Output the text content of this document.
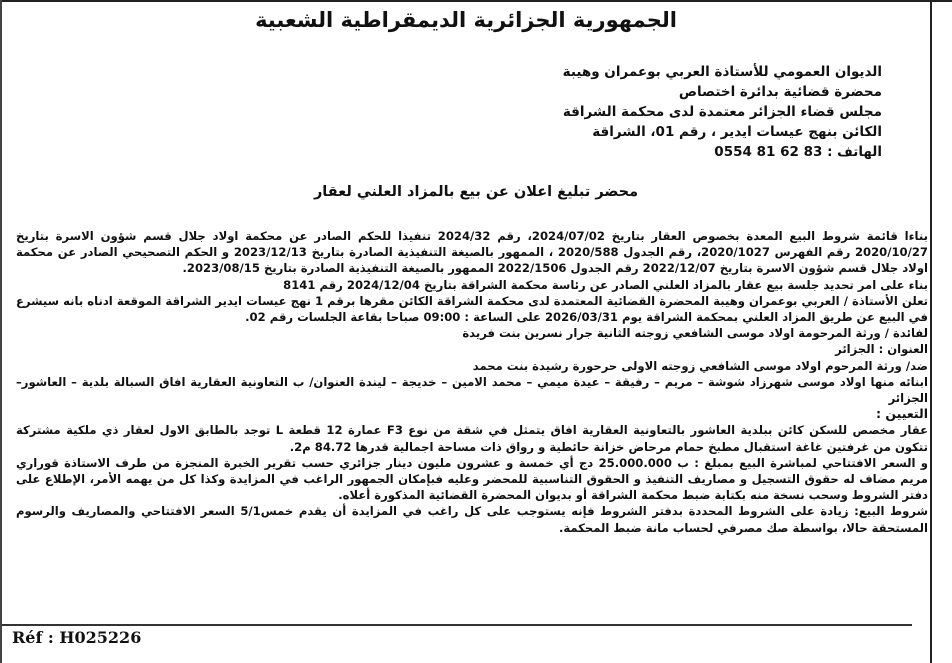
الجمهورية الجزائرية الديمقراطية الشعبية
الديوان العمومي للأستاذة العربي بوعمران وهيبة
محضرة قضائية بدائرة اختصاص
مجلس قضاء الجزائر معتمدة لدى محكمة الشراقة
الكائن بنهج عيسات ايدير ، رقم 01، الشراقة
الهاتف : 83 62 81 0554
محضر تبليغ اعلان عن بيع بالمزاد العلني لعقار

بناءا قائمة شروط البيع المعدة بخصوص العقار بتاريخ 2024/07/02، رقم 2024/32 تنفيذا للحكم الصادر عن محكمة اولاد جلال قسم شؤون الاسرة بتاريخ 2020/10/27 رقم الفهرس 2020/1027، رقم الجدول 2020/588 ، الممهور بالصيغة التنفيذية الصادرة بتاريخ 2023/12/13 و الحكم التصحيحي الصادر عن محكمة اولاد جلال قسم شؤون الاسرة بتاريخ 2022/12/07 رقم الجدول 2022/1506 الممهور بالصيغة التنفيذية الصادرة بتاريخ 2023/08/15.

بناء على امر تحديد جلسة بيع عقار بالمزاد العلني الصادر عن رئاسة محكمة الشراقة بتاريخ 2024/12/04 رقم 8141

تعلن الأستاذة / العربي بوعمران وهيبة المحضرة القضائية المعتمدة لدى محكمة الشراقة الكائن مقرها برقم 1 نهج عيسات ايدير الشراقة الموقعة ادناه بانه سيشرع في البيع عن طريق المزاد العلني بمحكمة الشراقة يوم 2026/03/31 على الساعة : 09:00 صباحا بقاعة الجلسات رقم 02.

لفائدة / ورثة المرحومة اولاد موسى الشافعي زوجته الثانية جرار نسرين بنت فريدة

العنوان : الجزائر

ضد/ ورثة المرحوم اولاد موسى الشافعي زوجته الاولى حرحورة رشيدة بنت محمد

ابنائه منها اولاد موسى شهرزاد شوشة – مريم – رفيقة – عيدة ميمي – محمد الامين – خديجة – ليندة العنوان/ ب التعاونية العقارية افاق السبالة بلدية – العاشور– الجزائر

التعيين :

عقار مخصص للسكن كائن ببلدية العاشور بالتعاونية العقارية افاق يتمثل في شقة من نوع F3 عمارة 12 قطعة L توجد بالطابق الاول لعقار ذي ملكية مشتركة تتكون من غرفتين غاغة استقبال مطبخ حمام مرحاض خزانة حائطية و رواق ذات مساحة اجمالية قدرها 84.72 م2.

و السعر الافتتاحي لمباشرة البيع بمبلغ : ب 25.000.000 دج أي خمسة و عشرون مليون دينار جزائري حسب تقرير الخبرة المنجزة من طرف الاستاذة قوراري مريم مضاف له حقوق التسجيل و مصاريف التنفيذ و الحقوق التناسبية للمحضر وعليه فبإمكان الجمهور الراغب في المزايدة وكذا كل من يهمه الأمر، الإطلاع على دفتر الشروط وسحب نسخة منه بكتابة ضبط محكمة الشراقة أو بديوان المحضرة القضائية المذكورة أعلاه.

شروط البيع: زيادة على الشروط المحددة بدفتر الشروط فإنه يستوجب على كل راغب في المزايدة أن يقدم خمس5/1 السعر الافتتاحي والمصاريف والرسوم المستحقة حالا، بواسطة صك مصرفي لحساب مانة ضبط المحكمة.

Réf : H025226
